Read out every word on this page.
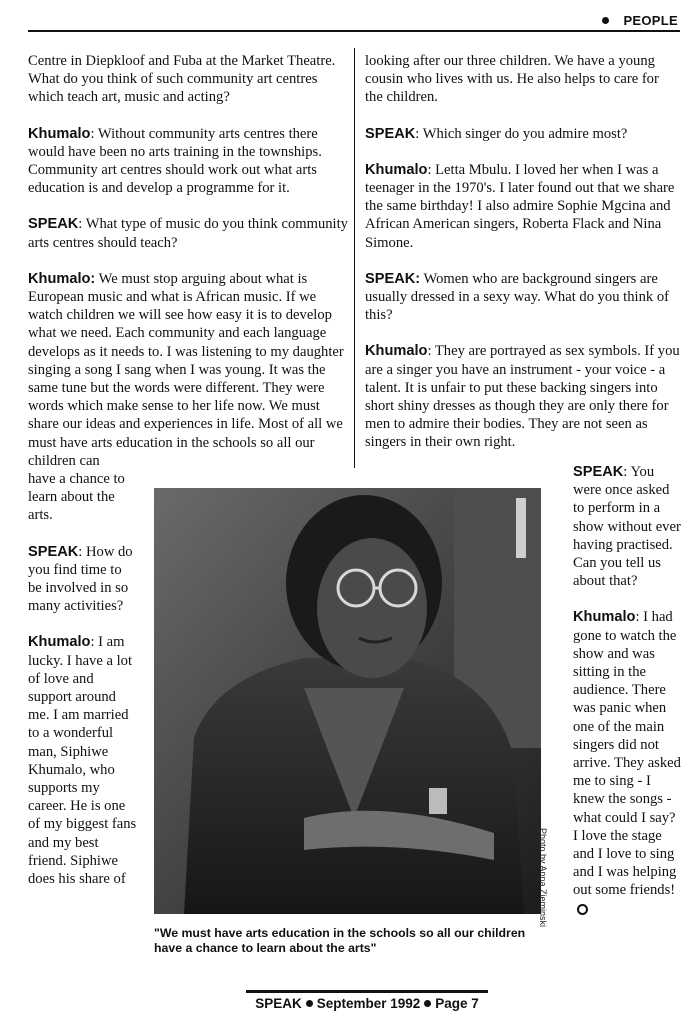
PEOPLE

Centre in Diepkloof and Fuba at the Market Theatre. What do you think of such community art centres which teach art, music and acting?

Khumalo: Without community arts centres there would have been no arts training in the townships. Community art centres should work out what arts education is and develop a programme for it.

SPEAK: What type of music do you think community arts centres should teach?

Khumalo: We must stop arguing about what is European music and what is African music. If we watch children we will see how easy it is to develop what we need. Each community and each language develops as it needs to. I was listening to my daughter singing a song I sang when I was young. It was the same tune but the words were different. They were words which make sense to her life now. We must share our ideas and experiences in life. Most of all we must have arts education in the schools so all our children can

looking after our three children. We have a young cousin who lives with us. He also helps to care for the children.

SPEAK: Which singer do you admire most?

Khumalo: Letta Mbulu. I loved her when I was a teenager in the 1970's. I later found out that we share the same birthday! I also admire Sophie Mgcina and African American singers, Roberta Flack and Nina Simone.

SPEAK: Women who are background singers are usually dressed in a sexy way. What do you think of this?

Khumalo: They are portrayed as sex symbols. If you are a singer you have an instrument - your voice - a talent. It is unfair to put these backing singers into short shiny dresses as though they are only there for men to admire their bodies. They are not seen as singers in their own right.

have a chance to learn about the arts.

SPEAK: How do you find time to be involved in so many activities?

Khumalo: I am lucky. I have a lot of love and support around me. I am married to a wonderful man, Siphiwe Khumalo, who supports my career. He is one of my biggest fans and my best friend. Siphiwe does his share of	Photo by Anna Zieminski
"We must have arts education in the schools so all our children have a chance to learn about the arts"

SPEAK: You were once asked to perform in a show without ever having practised. Can you tell us about that?

Khumalo: I had gone to watch the show and was sitting in the audience. There was panic when one of the main singers did not arrive. They asked me to sing - I knew the songs - what could I say? I love the stage and I love to sing and I was helping out some friends!

SPEAK September 1992 Page 7
